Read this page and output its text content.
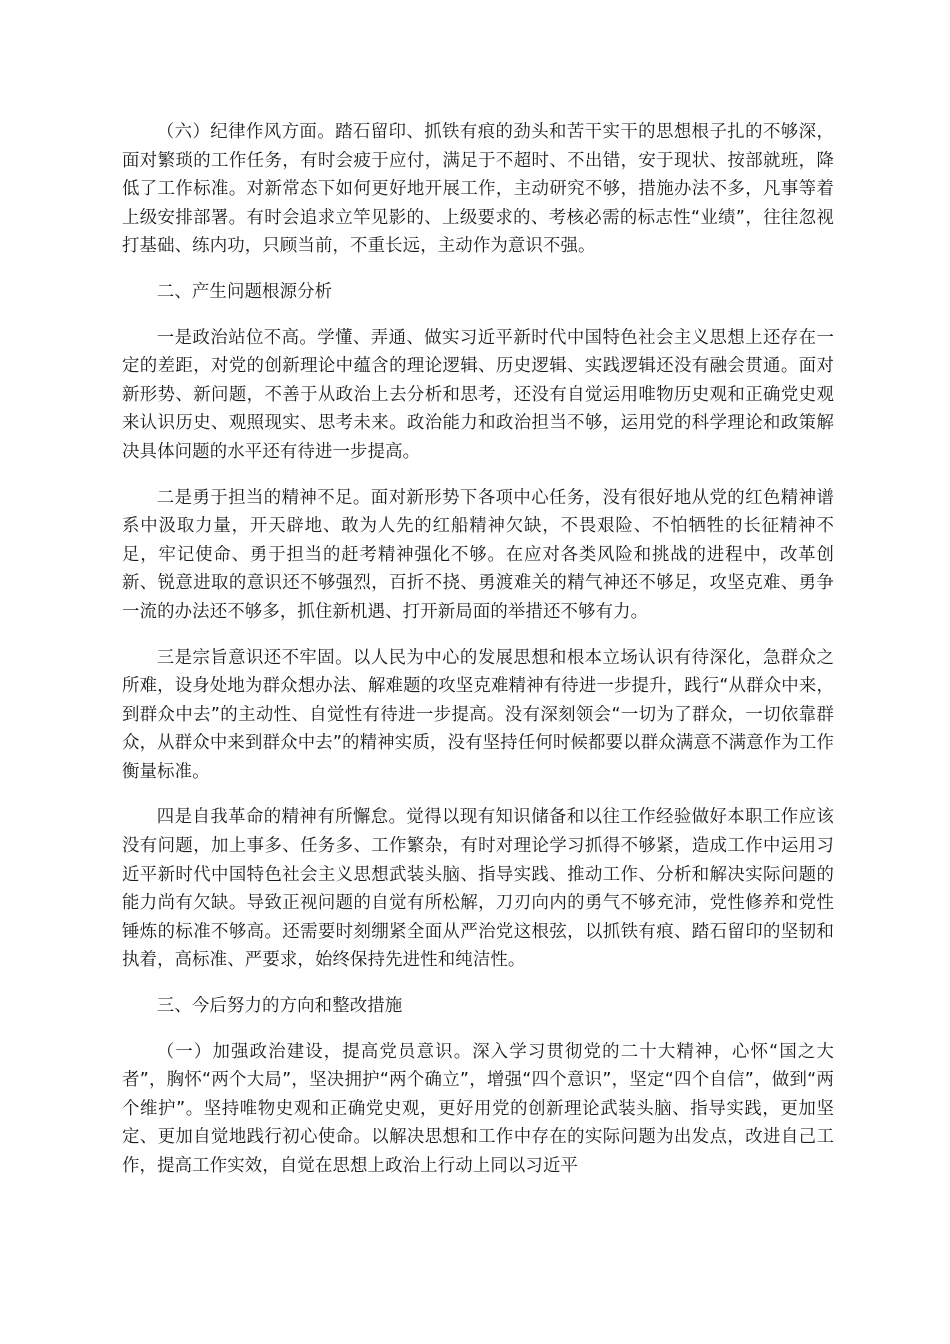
（六）纪律作风方面。踏石留印、抓铁有痕的劲头和苦干实干的思想根子扎的不够深，面对繁琐的工作任务，有时会疲于应付，满足于不超时、不出错，安于现状、按部就班，降低了工作标准。对新常态下如何更好地开展工作，主动研究不够，措施办法不多，凡事等着上级安排部署。有时会追求立竿见影的、上级要求的、考核必需的标志性“业绩”，往往忽视打基础、练内功，只顾当前，不重长远，主动作为意识不强。

二、产生问题根源分析

一是政治站位不高。学懂、弄通、做实习近平新时代中国特色社会主义思想上还存在一定的差距，对党的创新理论中蕴含的理论逻辑、历史逻辑、实践逻辑还没有融会贯通。面对新形势、新问题，不善于从政治上去分析和思考，还没有自觉运用唯物历史观和正确党史观来认识历史、观照现实、思考未来。政治能力和政治担当不够，运用党的科学理论和政策解决具体问题的水平还有待进一步提高。

二是勇于担当的精神不足。面对新形势下各项中心任务，没有很好地从党的红色精神谱系中汲取力量，开天辟地、敢为人先的红船精神欠缺，不畏艰险、不怕牺牲的长征精神不足，牢记使命、勇于担当的赶考精神强化不够。在应对各类风险和挑战的进程中，改革创新、锐意进取的意识还不够强烈，百折不挠、勇渡难关的精气神还不够足，攻坚克难、勇争一流的办法还不够多，抓住新机遇、打开新局面的举措还不够有力。

三是宗旨意识还不牢固。以人民为中心的发展思想和根本立场认识有待深化，急群众之所难，设身处地为群众想办法、解难题的攻坚克难精神有待进一步提升，践行“从群众中来，到群众中去”的主动性、自觉性有待进一步提高。没有深刻领会“一切为了群众，一切依靠群众，从群众中来到群众中去”的精神实质，没有坚持任何时候都要以群众满意不满意作为工作衡量标准。

四是自我革命的精神有所懈怠。觉得以现有知识储备和以往工作经验做好本职工作应该没有问题，加上事多、任务多、工作繁杂，有时对理论学习抓得不够紧，造成工作中运用习近平新时代中国特色社会主义思想武装头脑、指导实践、推动工作、分析和解决实际问题的能力尚有欠缺。导致正视问题的自觉有所松解，刀刃向内的勇气不够充沛，党性修养和党性锤炼的标准不够高。还需要时刻绷紧全面从严治党这根弦，以抓铁有痕、踏石留印的坚韧和执着，高标准、严要求，始终保持先进性和纯洁性。

三、今后努力的方向和整改措施

（一）加强政治建设，提高党员意识。深入学习贯彻党的二十大精神，心怀“国之大者”，胸怀“两个大局”，坚决拥护“两个确立”，增强“四个意识”，坚定“四个自信”，做到“两个维护”。坚持唯物史观和正确党史观，更好用党的创新理论武装头脑、指导实践，更加坚定、更加自觉地践行初心使命。以解决思想和工作中存在的实际问题为出发点，改进自己工作，提高工作实效，自觉在思想上政治上行动上同以习近平
